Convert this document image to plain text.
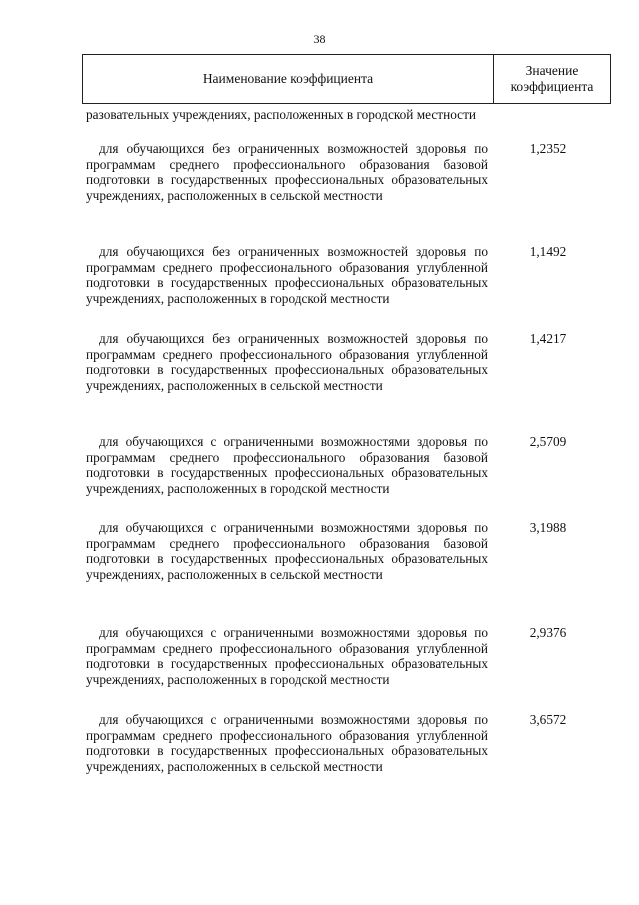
38
Наименование коэффициента
Значение
коэффициента
разовательных учреждениях, расположенных в городской местности
для обучающихся без ограниченных возможностей здоровья по программам среднего профессионального образования базовой подготовки в государственных профессиональных образовательных учреждениях, расположенных в сельской местности
1,2352
для обучающихся без ограниченных возможностей здоровья по программам среднего профессионального образования углубленной подготовки в государственных профессиональных образовательных учреждениях, расположенных в городской местности
1,1492
для обучающихся без ограниченных возможностей здоровья по программам среднего профессионального образования углубленной подготовки в государственных профессиональных образовательных учреждениях, расположенных в сельской местности
1,4217
для обучающихся с ограниченными возможностями здоровья по программам среднего профессионального образования базовой подготовки в государственных профессиональных образовательных учреждениях, расположенных в городской местности
2,5709
для обучающихся с ограниченными возможностями здоровья по программам среднего профессионального образования базовой подготовки в государственных профессиональных образовательных учреждениях, расположенных в сельской местности
3,1988
для обучающихся с ограниченными возможностями здоровья по программам среднего профессионального образования углубленной подготовки в государственных профессиональных образовательных учреждениях, расположенных в городской местности
2,9376
для обучающихся с ограниченными возможностями здоровья по программам среднего профессионального образования углубленной подготовки в государственных профессиональных образовательных учреждениях, расположенных в сельской местности
3,6572
